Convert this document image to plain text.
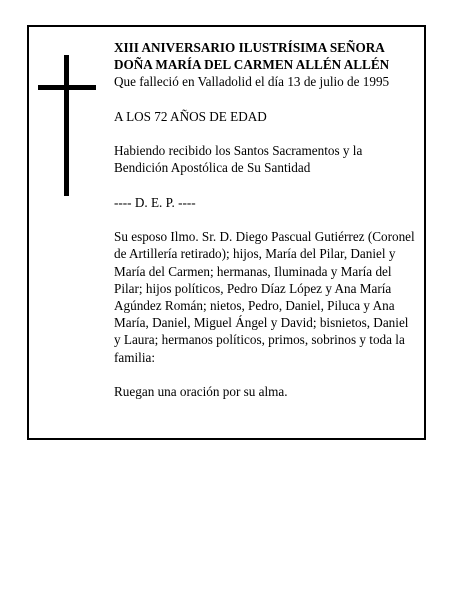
XIII ANIVERSARIO ILUSTRÍSIMA SEÑORA

DOÑA MARÍA DEL CARMEN ALLÉN ALLÉN

Que falleció en Valladolid el día 13 de julio de 1995

A LOS 72 AÑOS DE EDAD

Habiendo recibido los Santos Sacramentos y la Bendición Apostólica de Su Santidad

---- D. E. P. ----

Su esposo Ilmo. Sr. D. Diego Pascual Gutiérrez (Coronel de Artillería retirado); hijos, María del Pilar, Daniel y María del Carmen; hermanas, Iluminada y María del Pilar; hijos políticos, Pedro Díaz López y Ana María Agúndez Román; nietos, Pedro, Daniel, Piluca y Ana María, Daniel, Miguel Ángel y David; bisnietos, Daniel y Laura; hermanos políticos, primos, sobrinos y toda la familia:

Ruegan una oración por su alma.
